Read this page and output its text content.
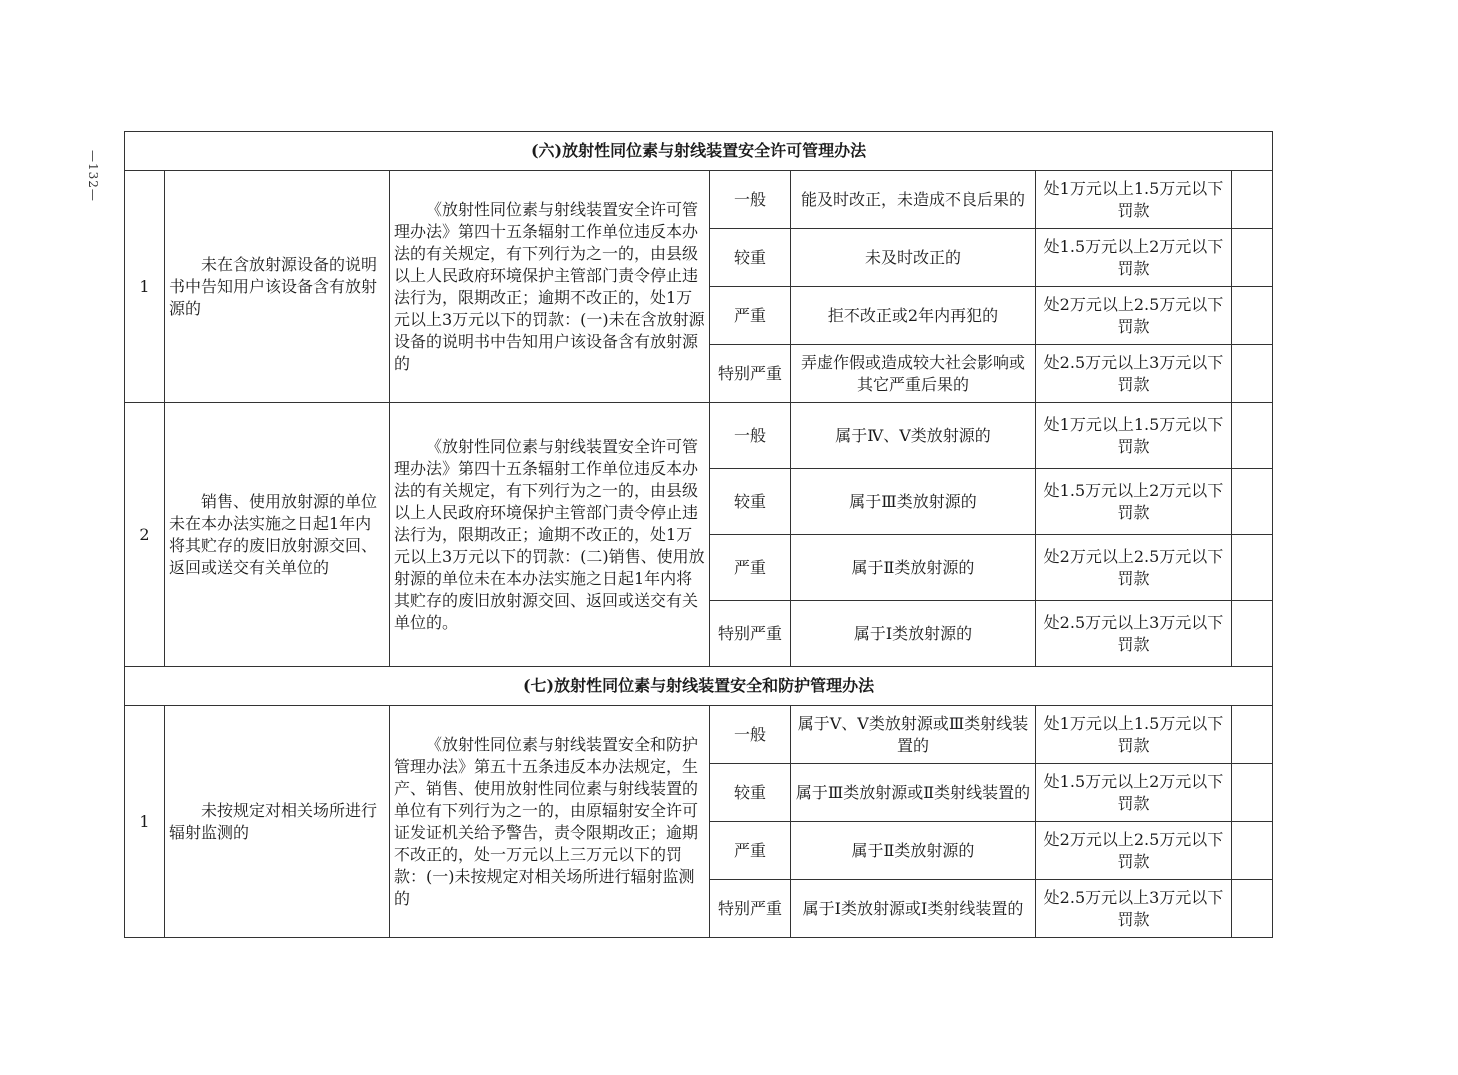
—132—	(六)放射性同位素与射线装置安全许可管理办法						
1	未在含放射源设备的说明书中告知用户该设备含有放射源的	《放射性同位素与射线装置安全许可管理办法》第四十五条辐射工作单位违反本办法的有关规定，有下列行为之一的，由县级以上人民政府环境保护主管部门责令停止违法行为，限期改正；逾期不改正的，处1万元以上3万元以下的罚款：(一)未在含放射源设备的说明书中告知用户该设备含有放射源的	一般	能及时改正，未造成不良后果的	处1万元以上1.5万元以下罚款	
			较重	未及时改正的	处1.5万元以上2万元以下罚款	
			严重	拒不改正或2年内再犯的	处2万元以上2.5万元以下罚款	
			特别严重	弄虚作假或造成较大社会影响或其它严重后果的	处2.5万元以上3万元以下罚款	
2	销售、使用放射源的单位未在本办法实施之日起1年内将其贮存的废旧放射源交回、返回或送交有关单位的	《放射性同位素与射线装置安全许可管理办法》第四十五条辐射工作单位违反本办法的有关规定，有下列行为之一的，由县级以上人民政府环境保护主管部门责令停止违法行为，限期改正；逾期不改正的，处1万元以上3万元以下的罚款：(二)销售、使用放射源的单位未在本办法实施之日起1年内将其贮存的废旧放射源交回、返回或送交有关单位的。	一般	属于Ⅳ、Ⅴ类放射源的	处1万元以上1.5万元以下罚款	
			较重	属于Ⅲ类放射源的	处1.5万元以上2万元以下罚款	
			严重	属于Ⅱ类放射源的	处2万元以上2.5万元以下罚款	
			特别严重	属于Ⅰ类放射源的	处2.5万元以上3万元以下罚款	
(七)放射性同位素与射线装置安全和防护管理办法						
1	未按规定对相关场所进行辐射监测的	《放射性同位素与射线装置安全和防护管理办法》第五十五条违反本办法规定，生产、销售、使用放射性同位素与射线装置的单位有下列行为之一的，由原辐射安全许可证发证机关给予警告，责令限期改正；逾期不改正的，处一万元以上三万元以下的罚款：(一)未按规定对相关场所进行辐射监测的	一般	属于Ⅴ、Ⅴ类放射源或Ⅲ类射线装置的	处1万元以上1.5万元以下罚款	
			较重	属于Ⅲ类放射源或Ⅱ类射线装置的	处1.5万元以上2万元以下罚款	
			严重	属于Ⅱ类放射源的	处2万元以上2.5万元以下罚款	
			特别严重	属于Ⅰ类放射源或Ⅰ类射线装置的	处2.5万元以上3万元以下罚款	
